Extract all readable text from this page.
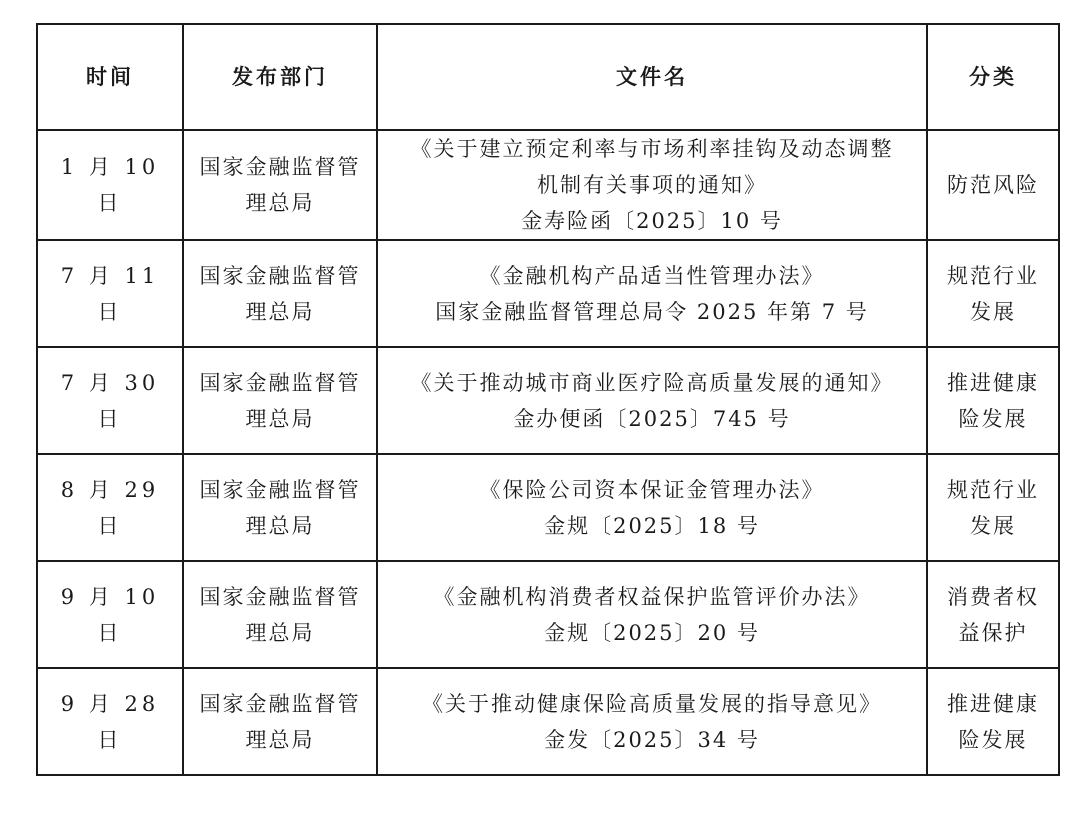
时间	发布部门	文件名	分类
1 月 10 日	国家金融监督管理总局	《关于建立预定利率与市场利率挂钩及动态调整
机制有关事项的通知》
金寿险函〔2025〕10 号	防范风险
7 月 11 日	国家金融监督管理总局	《金融机构产品适当性管理办法》
国家金融监督管理总局令 2025 年第 7 号	规范行业发展
7 月 30 日	国家金融监督管理总局	《关于推动城市商业医疗险高质量发展的通知》
金办便函〔2025〕745 号	推进健康险发展
8 月 29 日	国家金融监督管理总局	《保险公司资本保证金管理办法》
金规〔2025〕18 号	规范行业发展
9 月 10 日	国家金融监督管理总局	《金融机构消费者权益保护监管评价办法》
金规〔2025〕20 号	消费者权益保护
9 月 28 日	国家金融监督管理总局	《关于推动健康保险高质量发展的指导意见》
金发〔2025〕34 号	推进健康险发展
